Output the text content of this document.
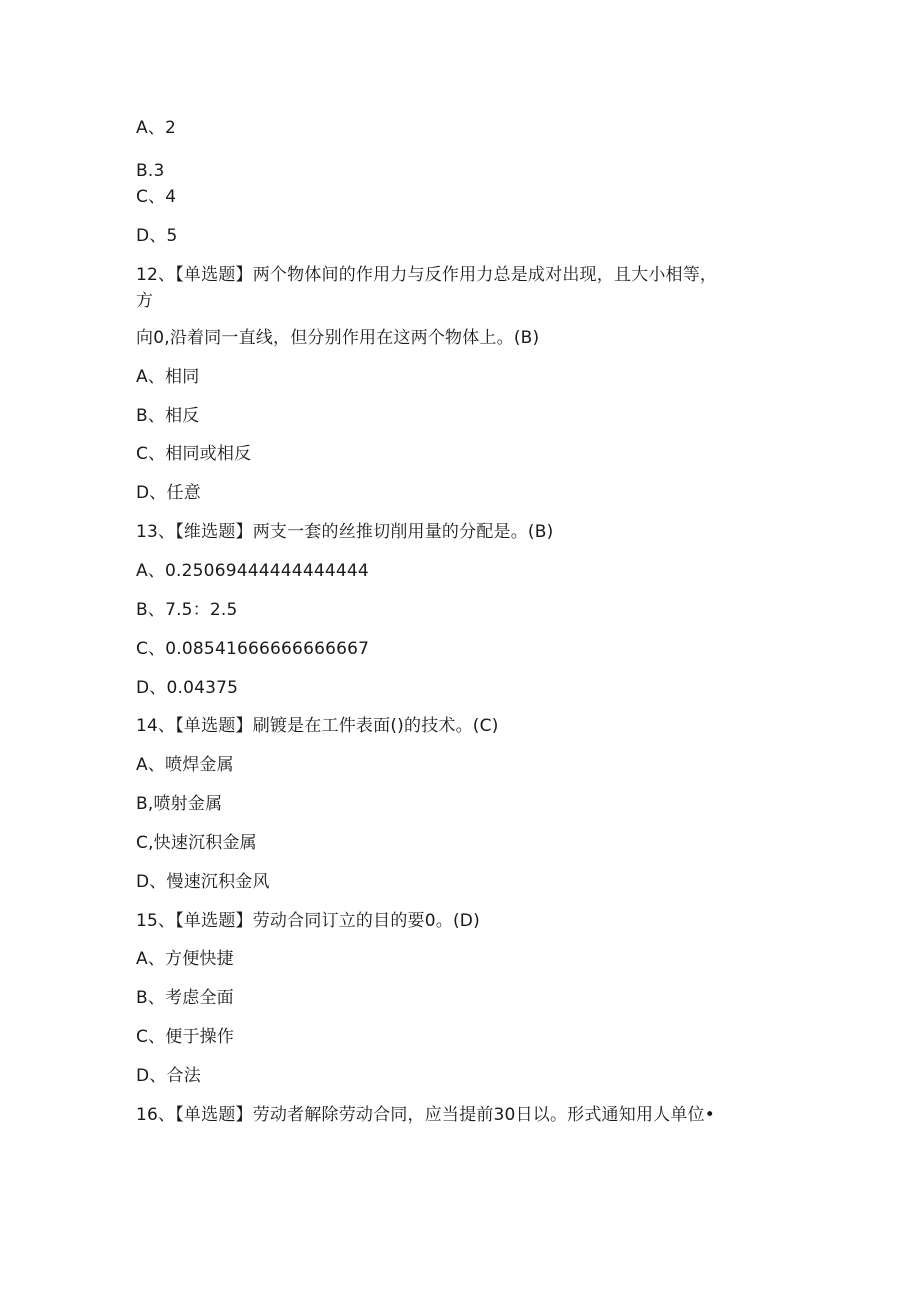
A、2
B.3
C、4
D、5
12、【单选题】两个物体间的作用力与反作用力总是成对出现，且大小相等，
方
向0,沿着同一直线，但分别作用在这两个物体上。(B)
A、相同
B、相反
C、相同或相反
D、任意
13、【维选题】两支一套的丝推切削用量的分配是。(B)
A、0.25069444444444444
B、7.5：2.5
C、0.08541666666666667
D、0.04375
14、【单选题】刷镀是在工件表面()的技术。(C)
A、喷焊金属
B,喷射金属
C,快速沉积金属
D、慢速沉积金风
15、【单选题】劳动合同订立的目的要0。(D)
A、方便快捷
B、考虑全面
C、便于操作
D、合法
16、【单选题】劳动者解除劳动合同，应当提前30日以。形式通知用人单位•
